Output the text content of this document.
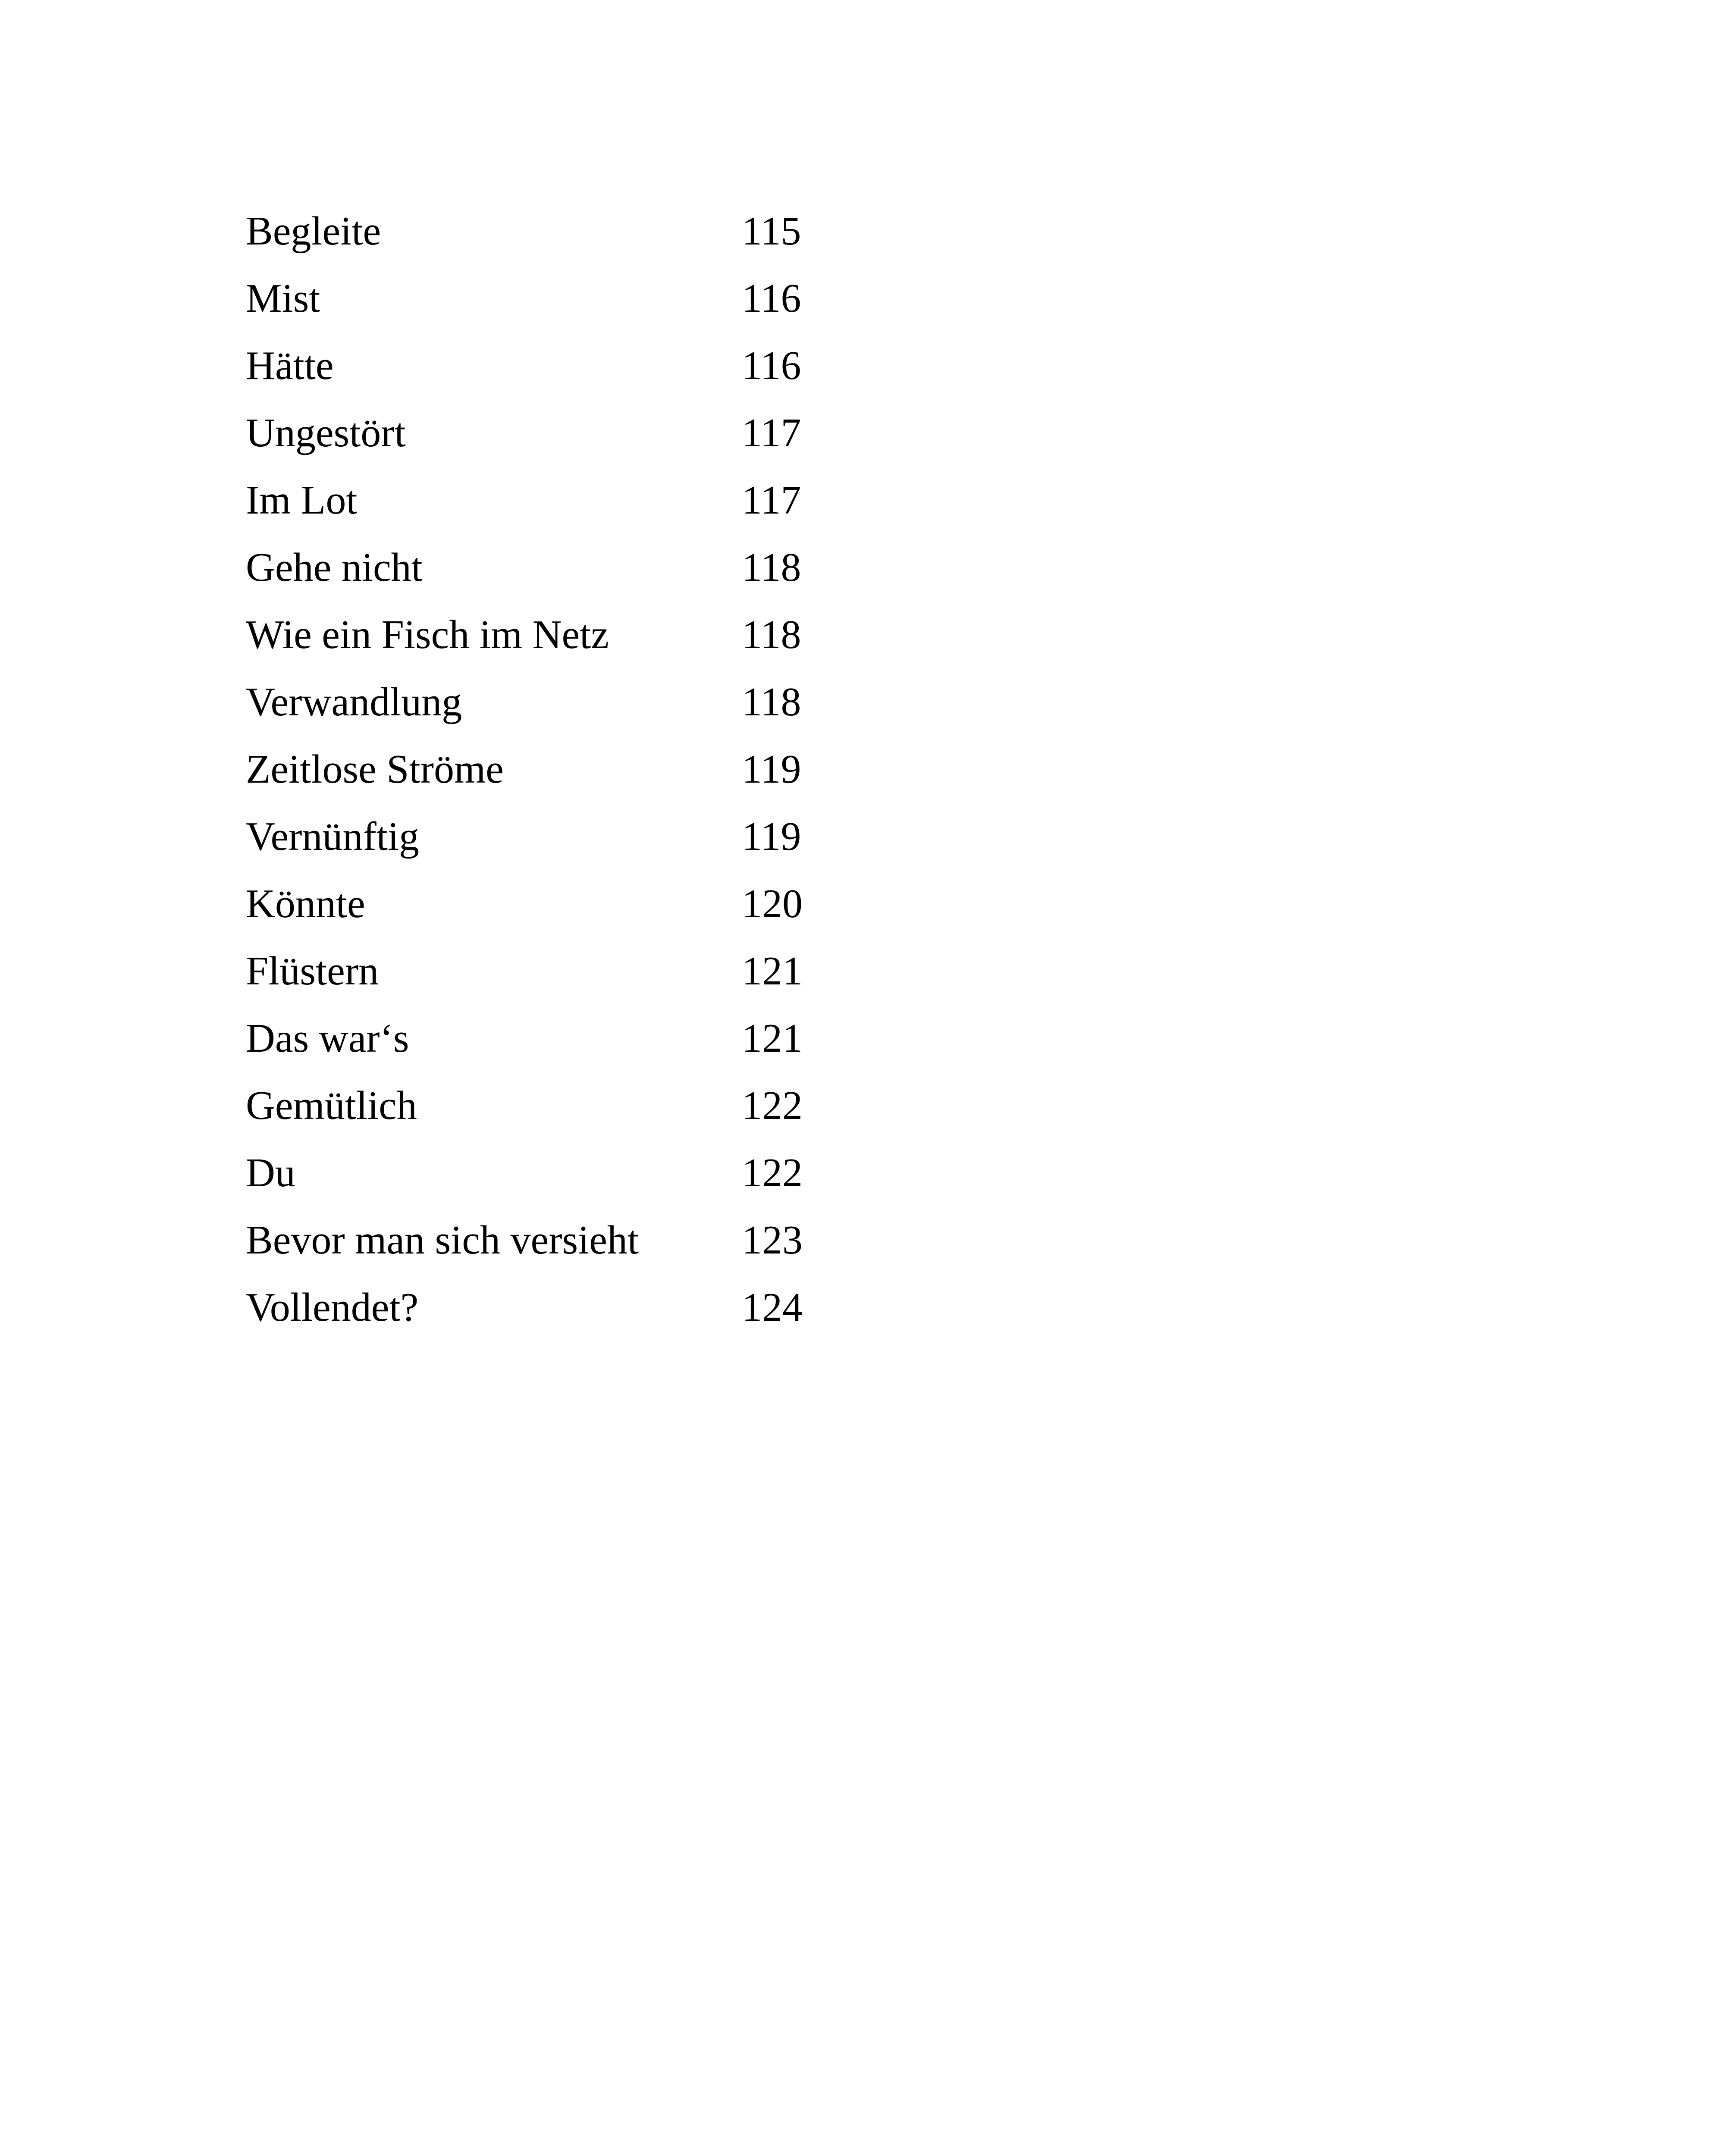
Begleite	115
Mist	116
Hätte	116
Ungestört	117
Im Lot	117
Gehe nicht	118
Wie ein Fisch im Netz	118
Verwandlung	118
Zeitlose Ströme	119
Vernünftig	119
Könnte	120
Flüstern	121
Das war‘s	121
Gemütlich	122
Du	122
Bevor man sich versieht	123
Vollendet?	124
